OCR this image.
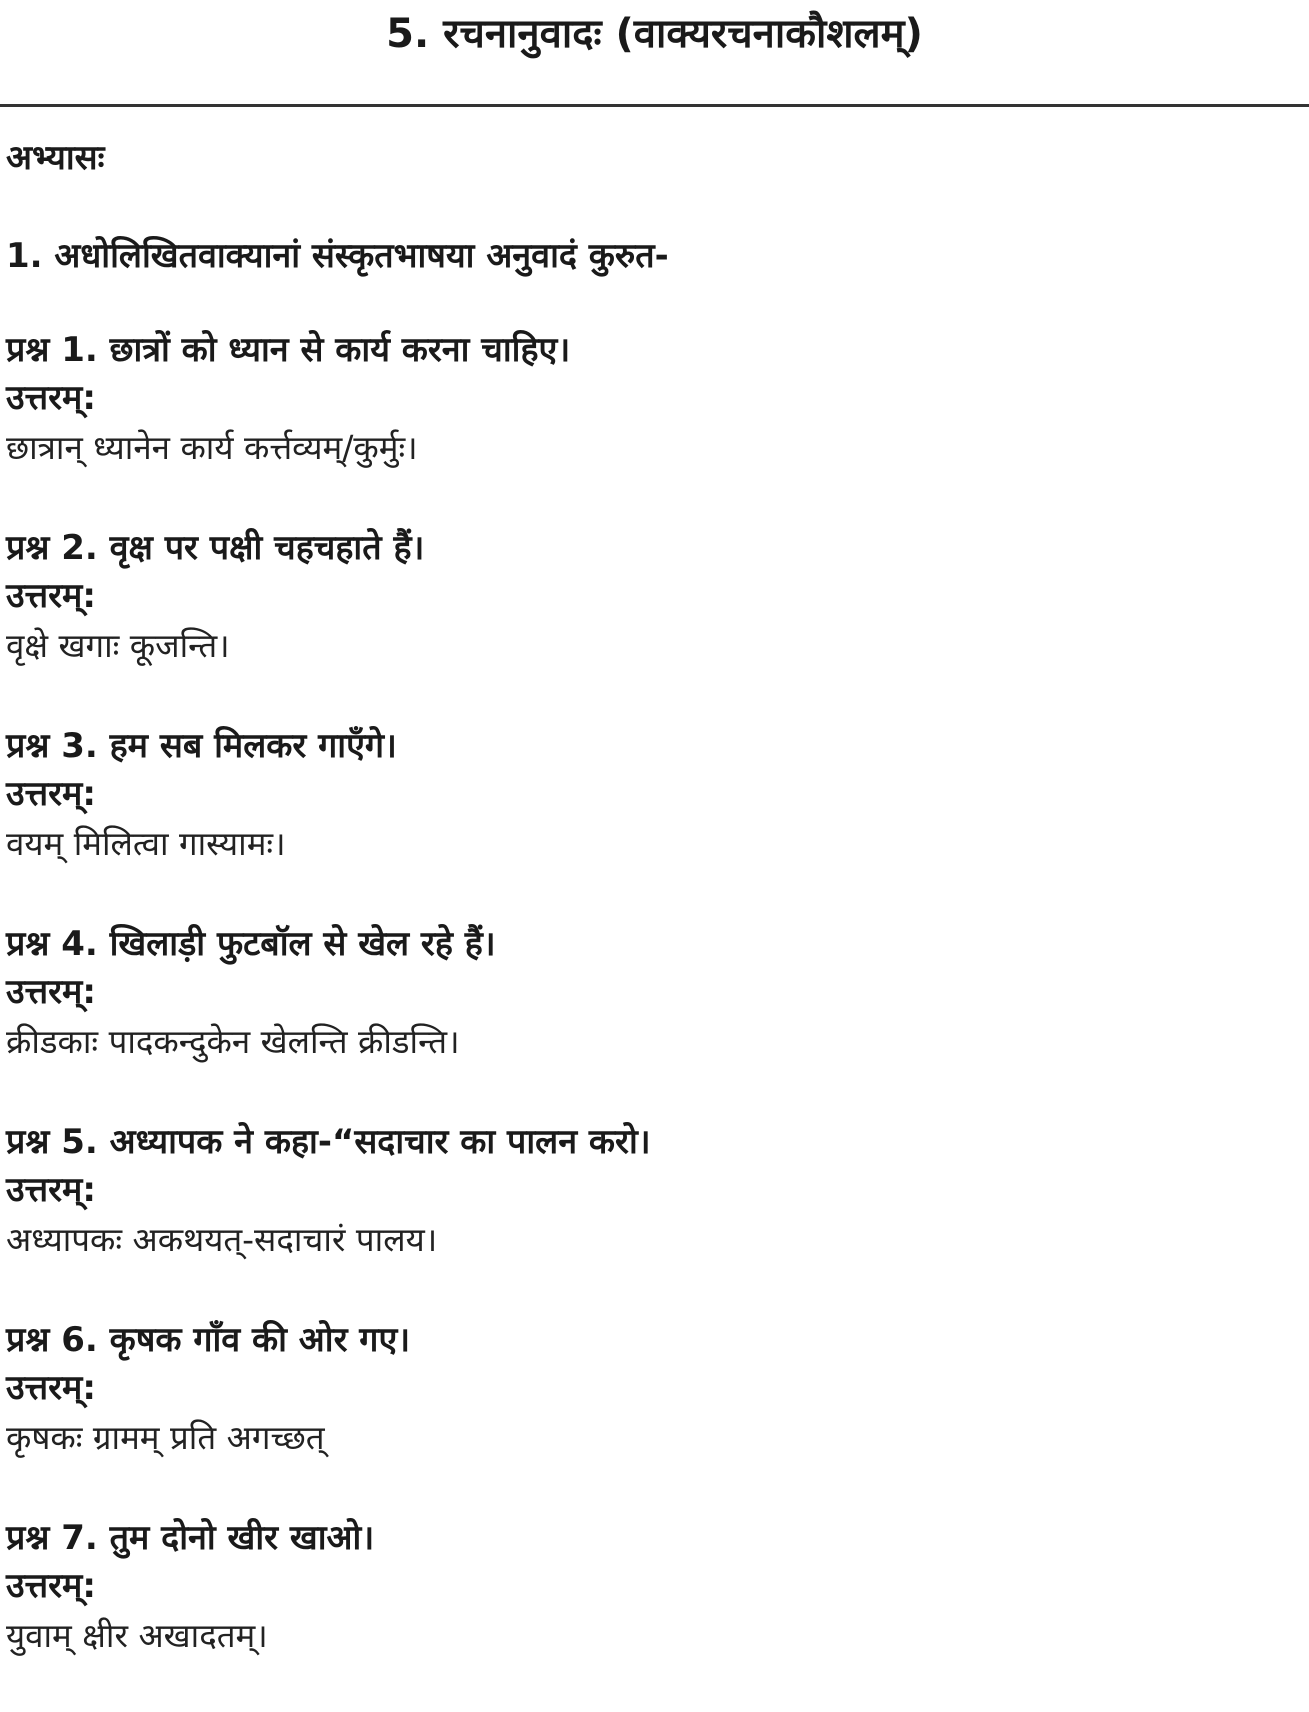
5. रचनानुवादः (वाक्यरचनाकौशलम्)
अभ्यासः
1. अधोलिखितवाक्यानां संस्कृतभाषया अनुवादं कुरुत-
प्रश्न 1. छात्रों को ध्यान से कार्य करना चाहिए।
उत्तरम्:
छात्रान् ध्यानेन कार्य कर्त्तव्यम्/कुर्मुः।
प्रश्न 2. वृक्ष पर पक्षी चहचहाते हैं।
उत्तरम्:
वृक्षे खगाः कूजन्ति।
प्रश्न 3. हम सब मिलकर गाएँगे।
उत्तरम्:
वयम् मिलित्वा गास्यामः।
प्रश्न 4. खिलाड़ी फुटबॉल से खेल रहे हैं।
उत्तरम्:
क्रीडकाः पादकन्दुकेन खेलन्ति क्रीडन्ति।
प्रश्न 5. अध्यापक ने कहा-“सदाचार का पालन करो।
उत्तरम्:
अध्यापकः अकथयत्-सदाचारं पालय।
प्रश्न 6. कृषक गाँव की ओर गए।
उत्तरम्:
कृषकः ग्रामम् प्रति अगच्छत्
प्रश्न 7. तुम दोनो खीर खाओ।
उत्तरम्:
युवाम् क्षीर अखादतम्।
